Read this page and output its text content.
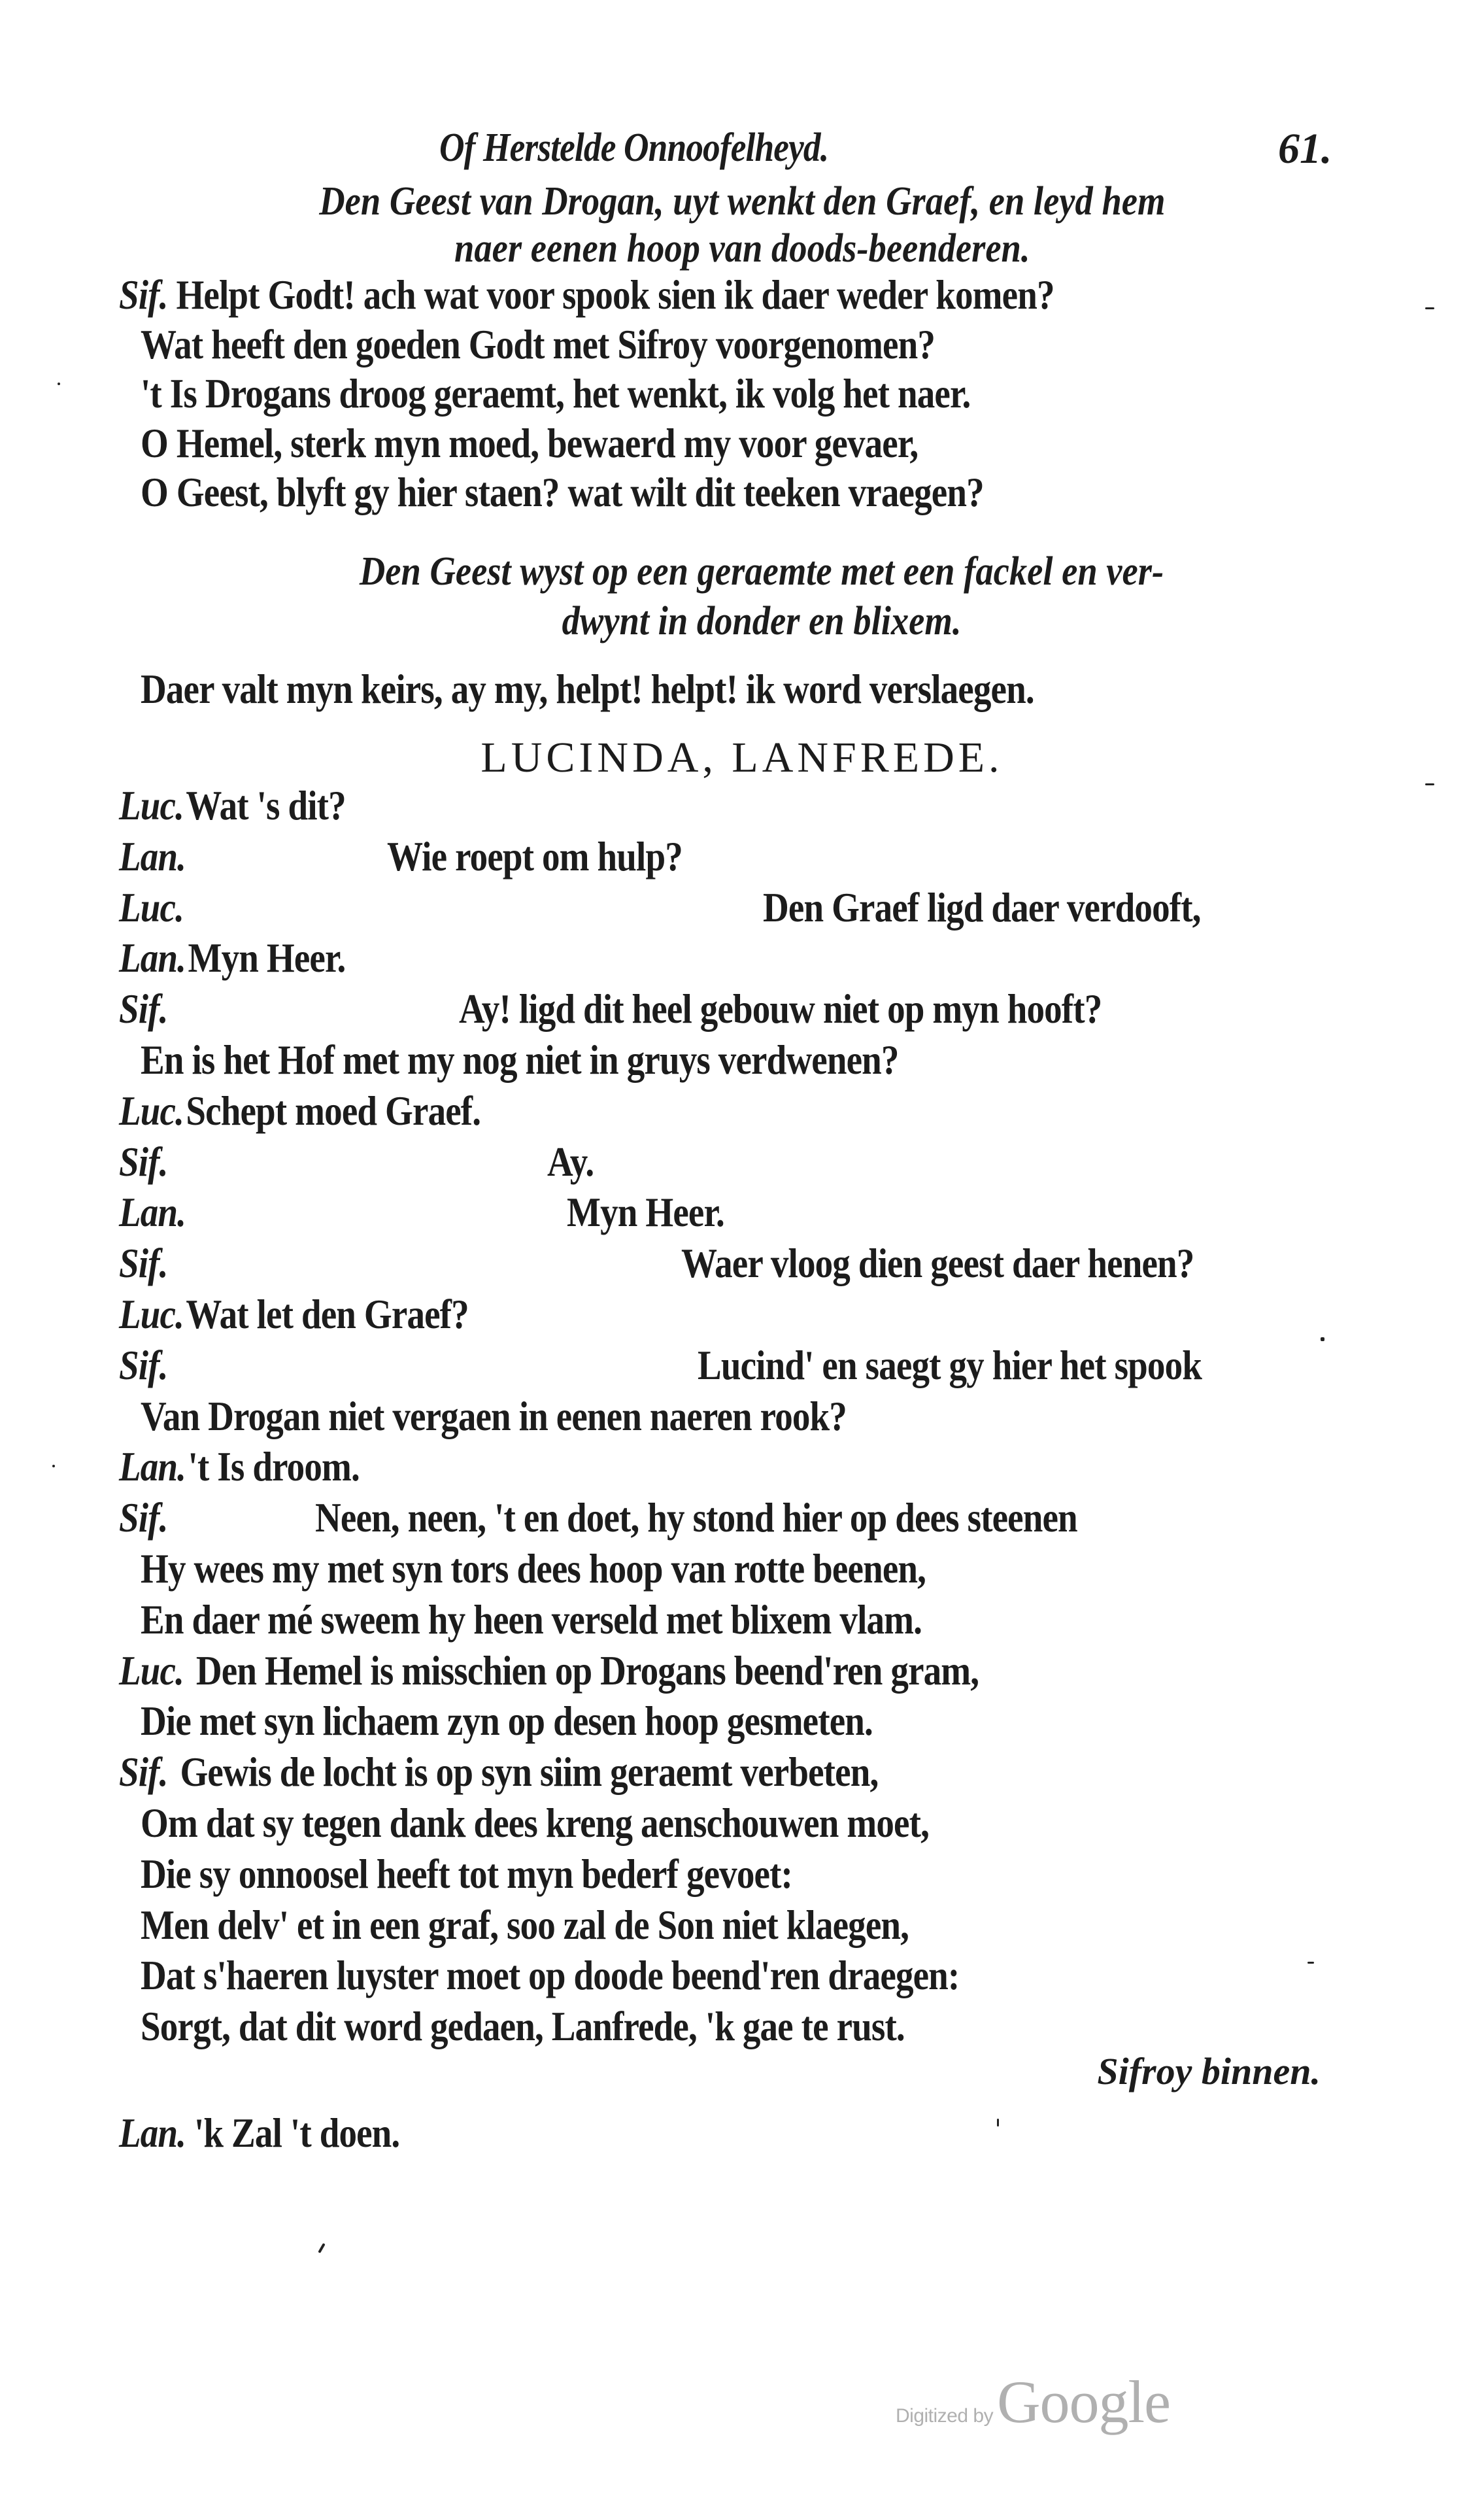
Of Herstelde Onnoofelheyd.	61.
Den Geest van Drogan, uyt wenkt den Graef, en leyd hem
naer eenen hoop van doods-beenderen.
Sif. Helpt Godt! ach wat voor spook sien ik daer weder komen?
Wat heeft den goeden Godt met Sifroy voorgenomen?
't Is Drogans droog geraemt, het wenkt, ik volg het naer.
O Hemel, sterk myn moed, bewaerd my voor gevaer,
O Geest, blyft gy hier staen? wat wilt dit teeken vraegen?
Den Geest wyst op een geraemte met een fackel en ver-
dwynt in donder en blixem.
Daer valt myn keirs, ay my, helpt! helpt! ik word verslaegen.
LUCINDA, LANFREDE.
Luc.Wat 's dit?
Lan.	Wie roept om hulp?
Luc.	Den Graef ligd daer verdooft,
Lan.Myn Heer.
Sif.	Ay! ligd dit heel gebouw niet op myn hooft?
En is het Hof met my nog niet in gruys verdwenen?
Luc.Schept moed Graef.
Sif.	Ay.
Lan.	Myn Heer.
Sif.	Waer vloog dien geest daer henen?
Luc.Wat let den Graef?
Sif.	Lucind' en saegt gy hier het spook
Van Drogan niet vergaen in eenen naeren rook?
Lan.'t Is droom.
Sif.	Neen, neen, 't en doet, hy stond hier op dees steenen
Hy wees my met syn tors dees hoop van rotte beenen,
En daer mé sweem hy heen verseld met blixem vlam.
Luc. Den Hemel is misschien op Drogans beend'ren gram,
Die met syn lichaem zyn op desen hoop gesmeten.
Sif. Gewis de locht is op syn siim geraemt verbeten,
Om dat sy tegen dank dees kreng aenschouwen moet,
Die sy onnoosel heeft tot myn bederf gevoet:
Men delv' et in een graf, soo zal de Son niet klaegen,
Dat s'haeren luyster moet op doode beend'ren draegen:
Sorgt, dat dit word gedaen, Lanfrede, 'k gae te rust.
Sifroy binnen.
Lan. 'k Zal 't doen.
Digitized byGoogle
